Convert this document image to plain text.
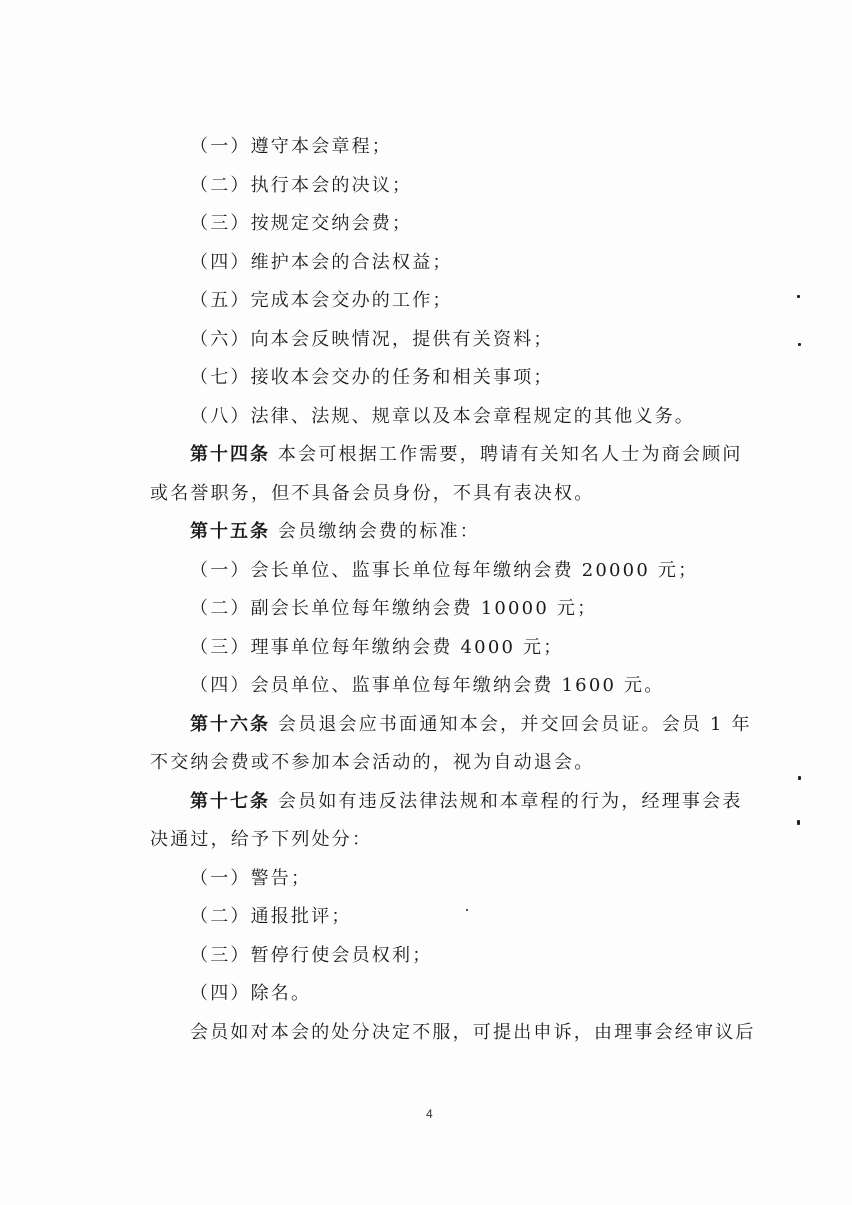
（一）遵守本会章程；
（二）执行本会的决议；
（三）按规定交纳会费；
（四）维护本会的合法权益；
（五）完成本会交办的工作；
（六）向本会反映情况，提供有关资料；
（七）接收本会交办的任务和相关事项；
（八）法律、法规、规章以及本会章程规定的其他义务。
第十四条 本会可根据工作需要，聘请有关知名人士为商会顾问
或名誉职务，但不具备会员身份，不具有表决权。
第十五条 会员缴纳会费的标准：
（一）会长单位、监事长单位每年缴纳会费 20000 元；
（二）副会长单位每年缴纳会费 10000 元；
（三）理事单位每年缴纳会费 4000 元；
（四）会员单位、监事单位每年缴纳会费 1600 元。
第十六条 会员退会应书面通知本会，并交回会员证。会员 1 年
不交纳会费或不参加本会活动的，视为自动退会。
第十七条 会员如有违反法律法规和本章程的行为，经理事会表
决通过，给予下列处分：
（一）警告；
（二）通报批评；
（三）暂停行使会员权利；
（四）除名。
会员如对本会的处分决定不服，可提出申诉，由理事会经审议后
4
